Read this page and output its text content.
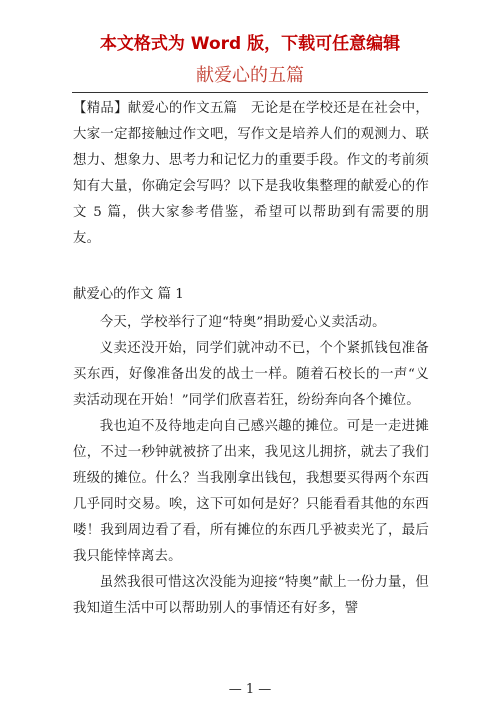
本文格式为 Word 版，下载可任意编辑
献爱心的五篇

【精品】献爱心的作文五篇　无论是在学校还是在社会中，大家一定都接触过作文吧，写作文是培养人们的观测力、联想力、想象力、思考力和记忆力的重要手段。作文的考前须知有大量，你确定会写吗？以下是我收集整理的献爱心的作文 5 篇，供大家参考借鉴，希望可以帮助到有需要的朋友。

献爱心的作文 篇 1

今天，学校举行了迎“特奥”捐助爱心义卖活动。

义卖还没开始，同学们就冲动不已，个个紧抓钱包准备买东西，好像准备出发的战士一样。随着石校长的一声“义卖活动现在开始！”同学们欣喜若狂，纷纷奔向各个摊位。

我也迫不及待地走向自己感兴趣的摊位。可是一走进摊位，不过一秒钟就被挤了出来，我见这儿拥挤，就去了我们班级的摊位。什么？当我刚拿出钱包，我想要买得两个东西几乎同时交易。唉，这下可如何是好？只能看看其他的东西喽！我到周边看了看，所有摊位的东西几乎被卖光了，最后我只能悻悻离去。

虽然我很可惜这次没能为迎接“特奥”献上一份力量，但我知道生活中可以帮助别人的事情还有好多，譬

— 1 —
